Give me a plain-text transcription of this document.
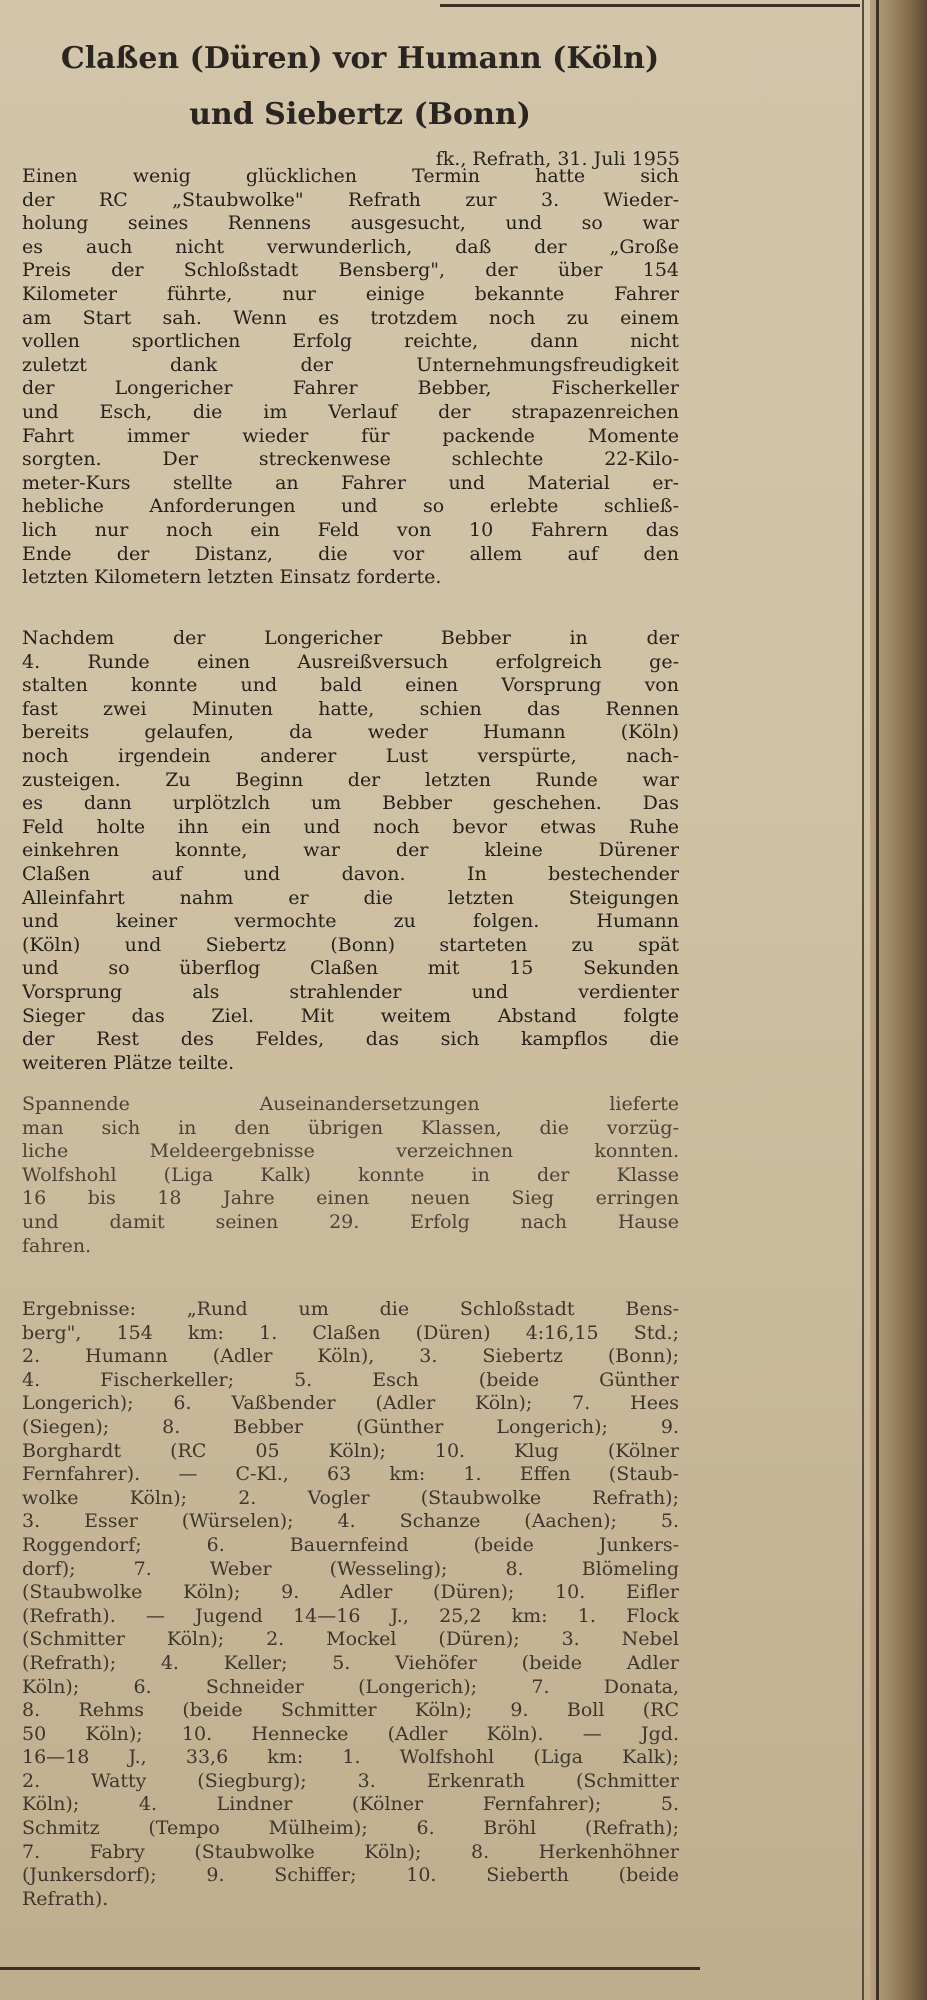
Claßen (Düren) vor Humann (Köln)
und Siebertz (Bonn)
fk., Refrath, 31. Juli 1955
Einen wenig glücklichen Termin hatte sich
der RC „Staubwolke" Refrath zur 3. Wieder-
holung seines Rennens ausgesucht, und so war
es auch nicht verwunderlich, daß der „Große
Preis der Schloßstadt Bensberg", der über 154
Kilometer führte, nur einige bekannte Fahrer
am Start sah. Wenn es trotzdem noch zu einem
vollen sportlichen Erfolg reichte, dann nicht
zuletzt dank der Unternehmungsfreudigkeit
der Longericher Fahrer Bebber, Fischerkeller
und Esch, die im Verlauf der strapazenreichen
Fahrt immer wieder für packende Momente
sorgten. Der streckenwese schlechte 22-Kilo-
meter-Kurs stellte an Fahrer und Material er-
hebliche Anforderungen und so erlebte schließ-
lich nur noch ein Feld von 10 Fahrern das
Ende der Distanz, die vor allem auf den
letzten Kilometern letzten Einsatz forderte.
Nachdem der Longericher Bebber in der
4. Runde einen Ausreißversuch erfolgreich ge-
stalten konnte und bald einen Vorsprung von
fast zwei Minuten hatte, schien das Rennen
bereits gelaufen, da weder Humann (Köln)
noch irgendein anderer Lust verspürte, nach-
zusteigen. Zu Beginn der letzten Runde war
es dann urplötzlch um Bebber geschehen. Das
Feld holte ihn ein und noch bevor etwas Ruhe
einkehren konnte, war der kleine Dürener
Claßen auf und davon. In bestechender
Alleinfahrt nahm er die letzten Steigungen
und keiner vermochte zu folgen. Humann
(Köln) und Siebertz (Bonn) starteten zu spät
und so überflog Claßen mit 15 Sekunden
Vorsprung als strahlender und verdienter
Sieger das Ziel. Mit weitem Abstand folgte
der Rest des Feldes, das sich kampflos die
weiteren Plätze teilte.
Spannende Auseinandersetzungen lieferte
man sich in den übrigen Klassen, die vorzüg-
liche Meldeergebnisse verzeichnen konnten.
Wolfshohl (Liga Kalk) konnte in der Klasse
16 bis 18 Jahre einen neuen Sieg erringen
und damit seinen 29. Erfolg nach Hause
fahren.
Ergebnisse: „Rund um die Schloßstadt Bens-
berg", 154 km: 1. Claßen (Düren) 4:16,15 Std.;
2. Humann (Adler Köln), 3. Siebertz (Bonn);
4. Fischerkeller; 5. Esch (beide Günther
Longerich); 6. Vaßbender (Adler Köln); 7. Hees
(Siegen); 8. Bebber (Günther Longerich); 9.
Borghardt (RC 05 Köln); 10. Klug (Kölner
Fernfahrer). — C-Kl., 63 km: 1. Effen (Staub-
wolke Köln); 2. Vogler (Staubwolke Refrath);
3. Esser (Würselen); 4. Schanze (Aachen); 5.
Roggendorf; 6. Bauernfeind (beide Junkers-
dorf); 7. Weber (Wesseling); 8. Blömeling
(Staubwolke Köln); 9. Adler (Düren); 10. Eifler
(Refrath). — Jugend 14—16 J., 25,2 km: 1. Flock
(Schmitter Köln); 2. Mockel (Düren); 3. Nebel
(Refrath); 4. Keller; 5. Viehöfer (beide Adler
Köln); 6. Schneider (Longerich); 7. Donata,
8. Rehms (beide Schmitter Köln); 9. Boll (RC
50 Köln); 10. Hennecke (Adler Köln). — Jgd.
16—18 J., 33,6 km: 1. Wolfshohl (Liga Kalk);
2. Watty (Siegburg); 3. Erkenrath (Schmitter
Köln); 4. Lindner (Kölner Fernfahrer); 5.
Schmitz (Tempo Mülheim); 6. Bröhl (Refrath);
7. Fabry (Staubwolke Köln); 8. Herkenhöhner
(Junkersdorf); 9. Schiffer; 10. Sieberth (beide
Refrath).
